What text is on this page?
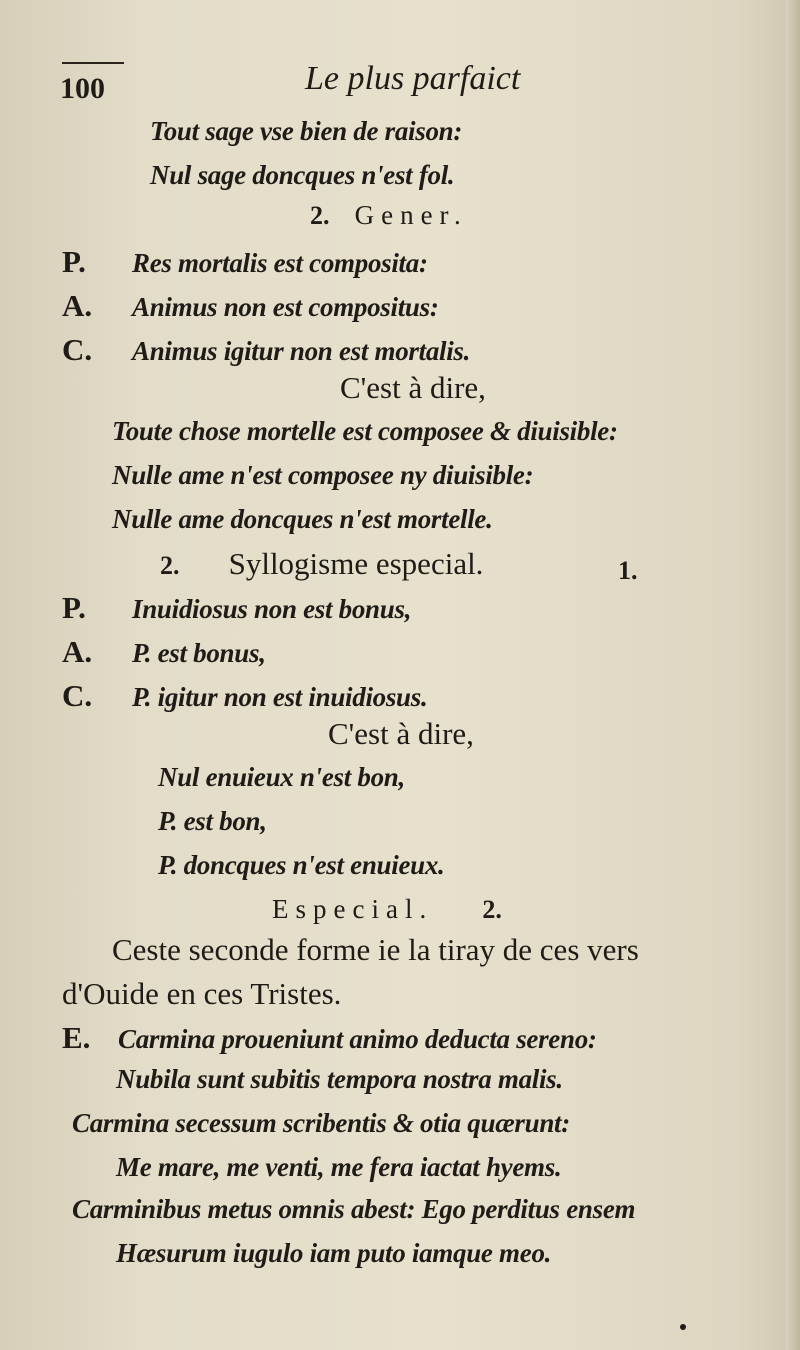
100	Le plus parfaict
Tout sage vse bien de raison:
Nul sage doncques n'est fol.
2. Gener.
P. Res mortalis est composita:
A. Animus non est compositus:
C. Animus igitur non est mortalis.
C'est à dire,
Toute chose mortelle est composee & diuisible:
Nulle ame n'est composee ny diuisible:
Nulle ame doncques n'est mortelle.
2. Syllogisme especial.	1.
P. Inuidiosus non est bonus,
A. P. est bonus,
C. P. igitur non est inuidiosus.
C'est à dire,
Nul enuieux n'est bon,
P. est bon,
P. doncques n'est enuieux.
Especial. 2.
Ceste seconde forme ie la tiray de ces vers
d'Ouide en ces Tristes.
E. Carmina proueniunt animo deducta sereno:
Nubila sunt subitis tempora nostra malis.
Carmina secessum scribentis & otia quærunt:
Me mare, me venti, me fera iactat hyems.
Carminibus metus omnis abest: Ego perditus ensem
Hæsurum iugulo iam puto iamque meo.
